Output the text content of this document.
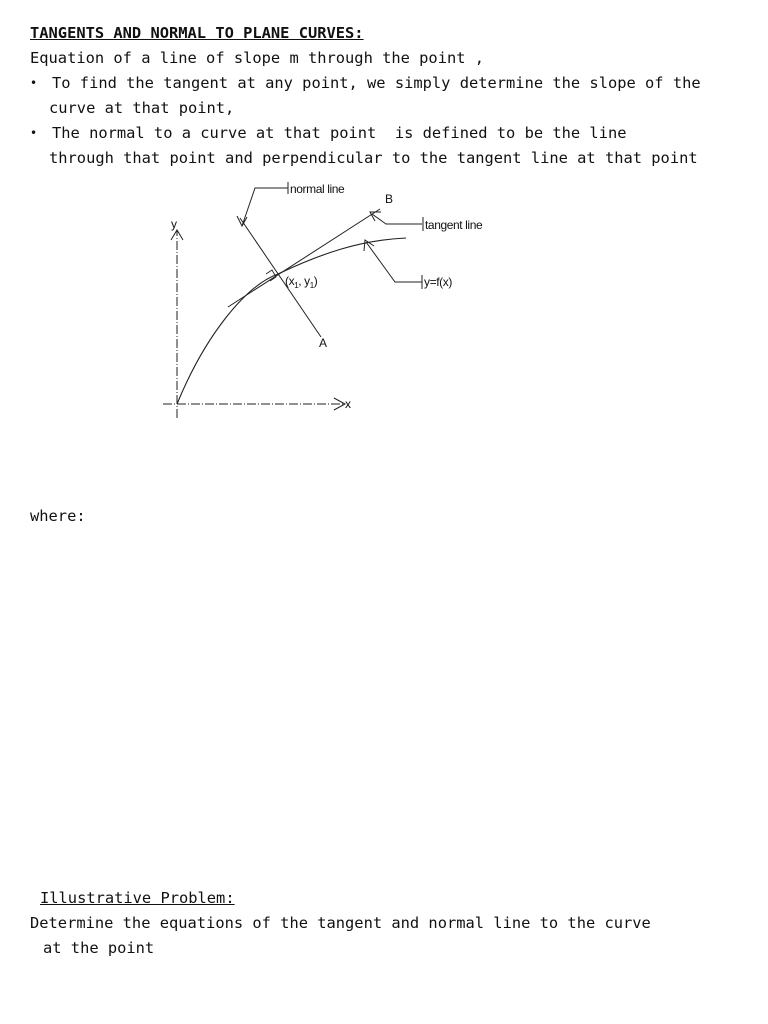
TANGENTS AND NORMAL TO PLANE CURVES:
Equation of a line of slope m through the point ,
• To find the tangent at any point, we simply determine the slope of the
curve at that point,
• The normal to a curve at that point  is defined to be the line
through that point and perpendicular to the tangent line at that point
normal line
B
tangent line
y
($x_1$, $y_1$)	y=f(x)
A
x
where:
Illustrative Problem:
Determine the equations of the tangent and normal line to the curve
at the point
